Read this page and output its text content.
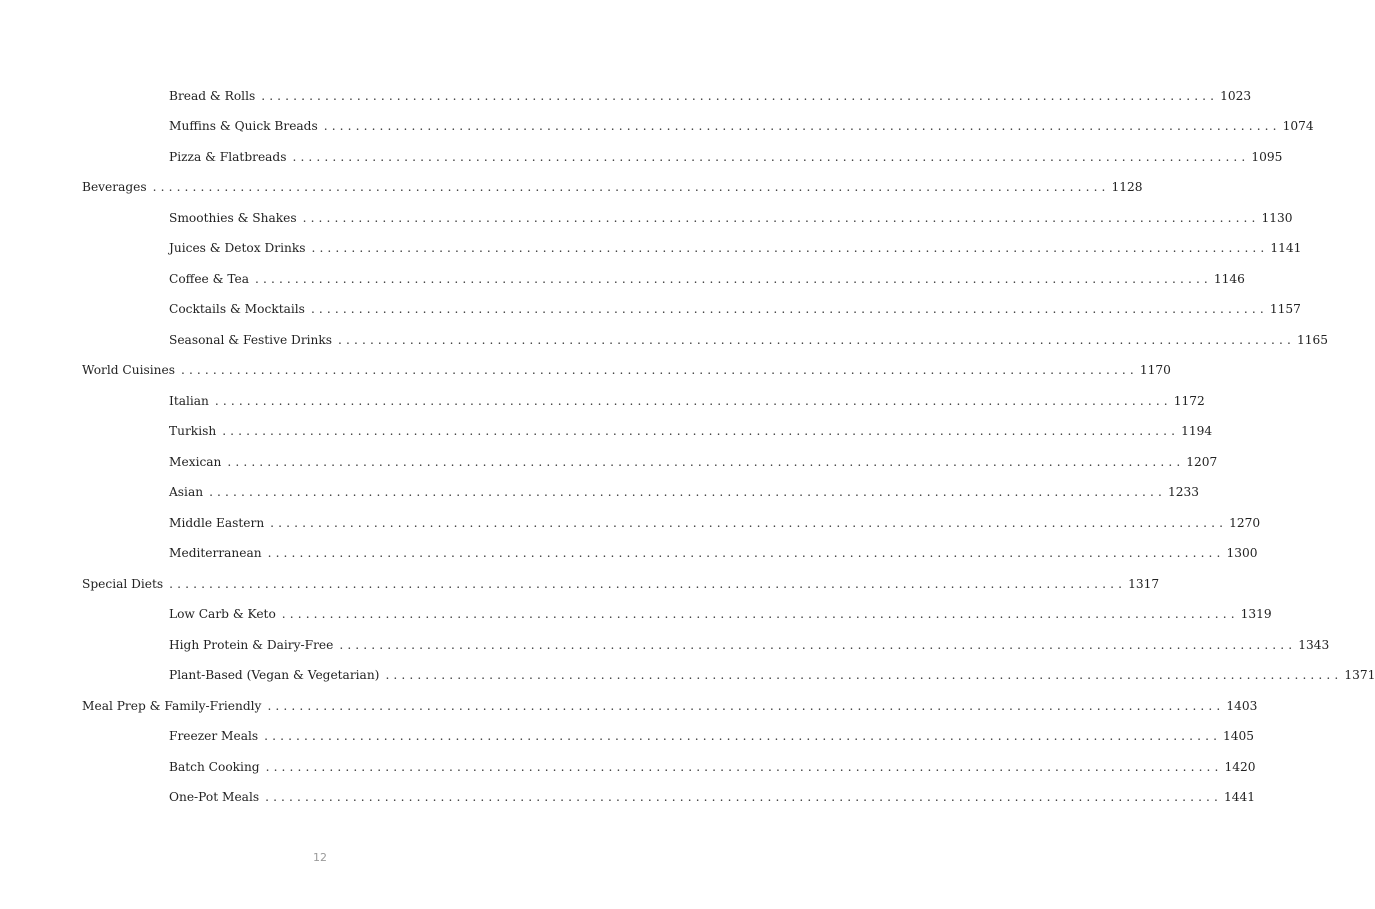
Bread & Rolls ........................................................................................................................ 1023
Muffins & Quick Breads ........................................................................................................................ 1074
Pizza & Flatbreads ........................................................................................................................ 1095
Beverages ........................................................................................................................ 1128
Smoothies & Shakes ........................................................................................................................ 1130
Juices & Detox Drinks ........................................................................................................................ 1141
Coffee & Tea ........................................................................................................................ 1146
Cocktails & Mocktails ........................................................................................................................ 1157
Seasonal & Festive Drinks ........................................................................................................................ 1165
World Cuisines ........................................................................................................................ 1170
Italian ........................................................................................................................ 1172
Turkish ........................................................................................................................ 1194
Mexican ........................................................................................................................ 1207
Asian ........................................................................................................................ 1233
Middle Eastern ........................................................................................................................ 1270
Mediterranean ........................................................................................................................ 1300
Special Diets ........................................................................................................................ 1317
Low Carb & Keto ........................................................................................................................ 1319
High Protein & Dairy-Free ........................................................................................................................ 1343
Plant-Based (Vegan & Vegetarian) ........................................................................................................................ 1371
Meal Prep & Family-Friendly ........................................................................................................................ 1403
Freezer Meals ........................................................................................................................ 1405
Batch Cooking ........................................................................................................................ 1420
One-Pot Meals ........................................................................................................................ 1441
12
